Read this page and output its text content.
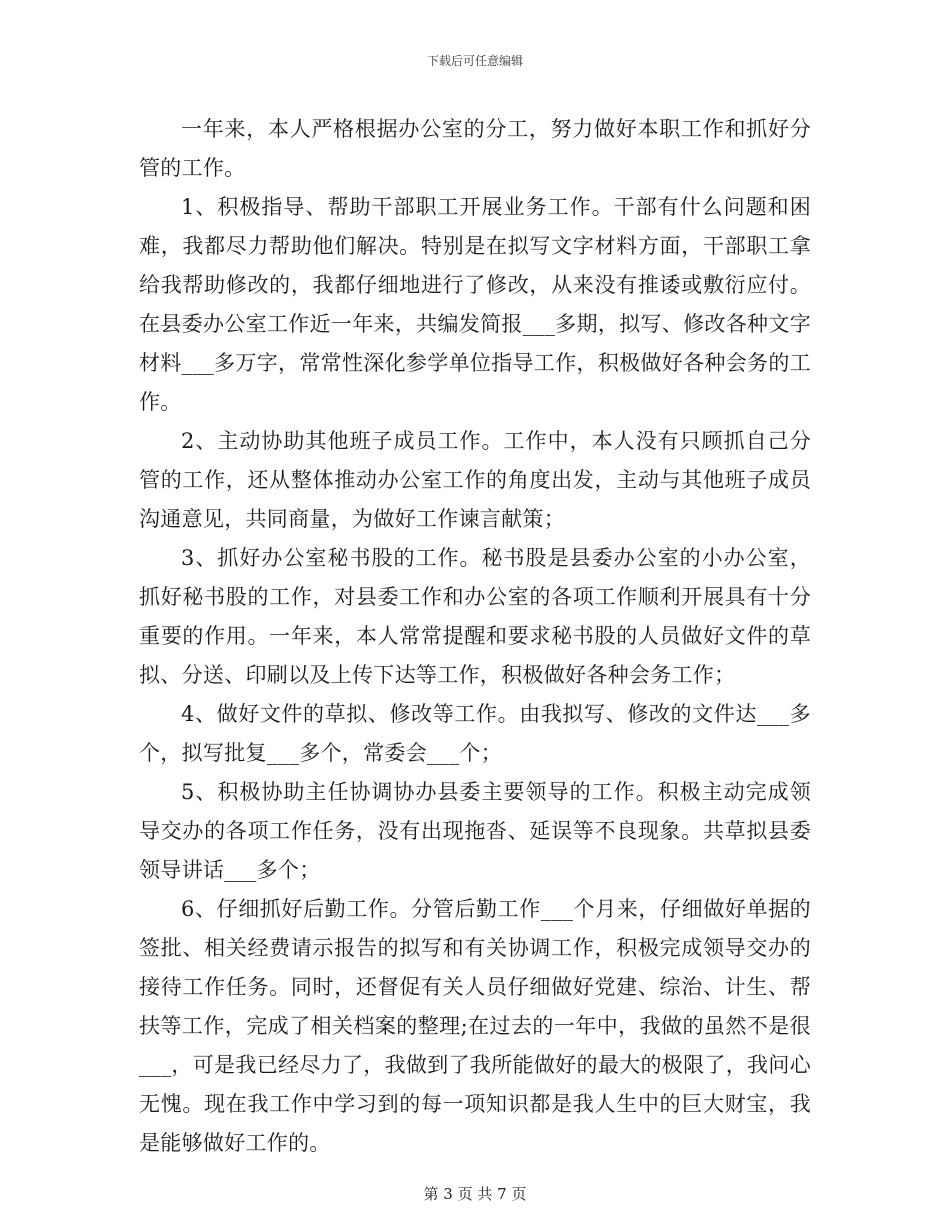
下载后可任意编辑

一年来，本人严格根据办公室的分工，努力做好本职工作和抓好分管的工作。

1、积极指导、帮助干部职工开展业务工作。干部有什么问题和困难，我都尽力帮助他们解决。特别是在拟写文字材料方面，干部职工拿给我帮助修改的，我都仔细地进行了修改，从来没有推诿或敷衍应付。在县委办公室工作近一年来，共编发简报___多期，拟写、修改各种文字材料___多万字，常常性深化参学单位指导工作，积极做好各种会务的工作。

2、主动协助其他班子成员工作。工作中，本人没有只顾抓自己分管的工作，还从整体推动办公室工作的角度出发，主动与其他班子成员沟通意见，共同商量，为做好工作谏言献策；

3、抓好办公室秘书股的工作。秘书股是县委办公室的小办公室，抓好秘书股的工作，对县委工作和办公室的各项工作顺利开展具有十分重要的作用。一年来，本人常常提醒和要求秘书股的人员做好文件的草拟、分送、印刷以及上传下达等工作，积极做好各种会务工作；

4、做好文件的草拟、修改等工作。由我拟写、修改的文件达___多个，拟写批复___多个，常委会___个；

5、积极协助主任协调协办县委主要领导的工作。积极主动完成领导交办的各项工作任务，没有出现拖沓、延误等不良现象。共草拟县委领导讲话___多个；

6、仔细抓好后勤工作。分管后勤工作___个月来，仔细做好单据的签批、相关经费请示报告的拟写和有关协调工作，积极完成领导交办的接待工作任务。同时，还督促有关人员仔细做好党建、综治、计生、帮扶等工作，完成了相关档案的整理;在过去的一年中，我做的虽然不是很___，可是我已经尽力了，我做到了我所能做好的最大的极限了，我问心无愧。现在我工作中学习到的每一项知识都是我人生中的巨大财宝，我是能够做好工作的。

第 3 页 共 7 页
